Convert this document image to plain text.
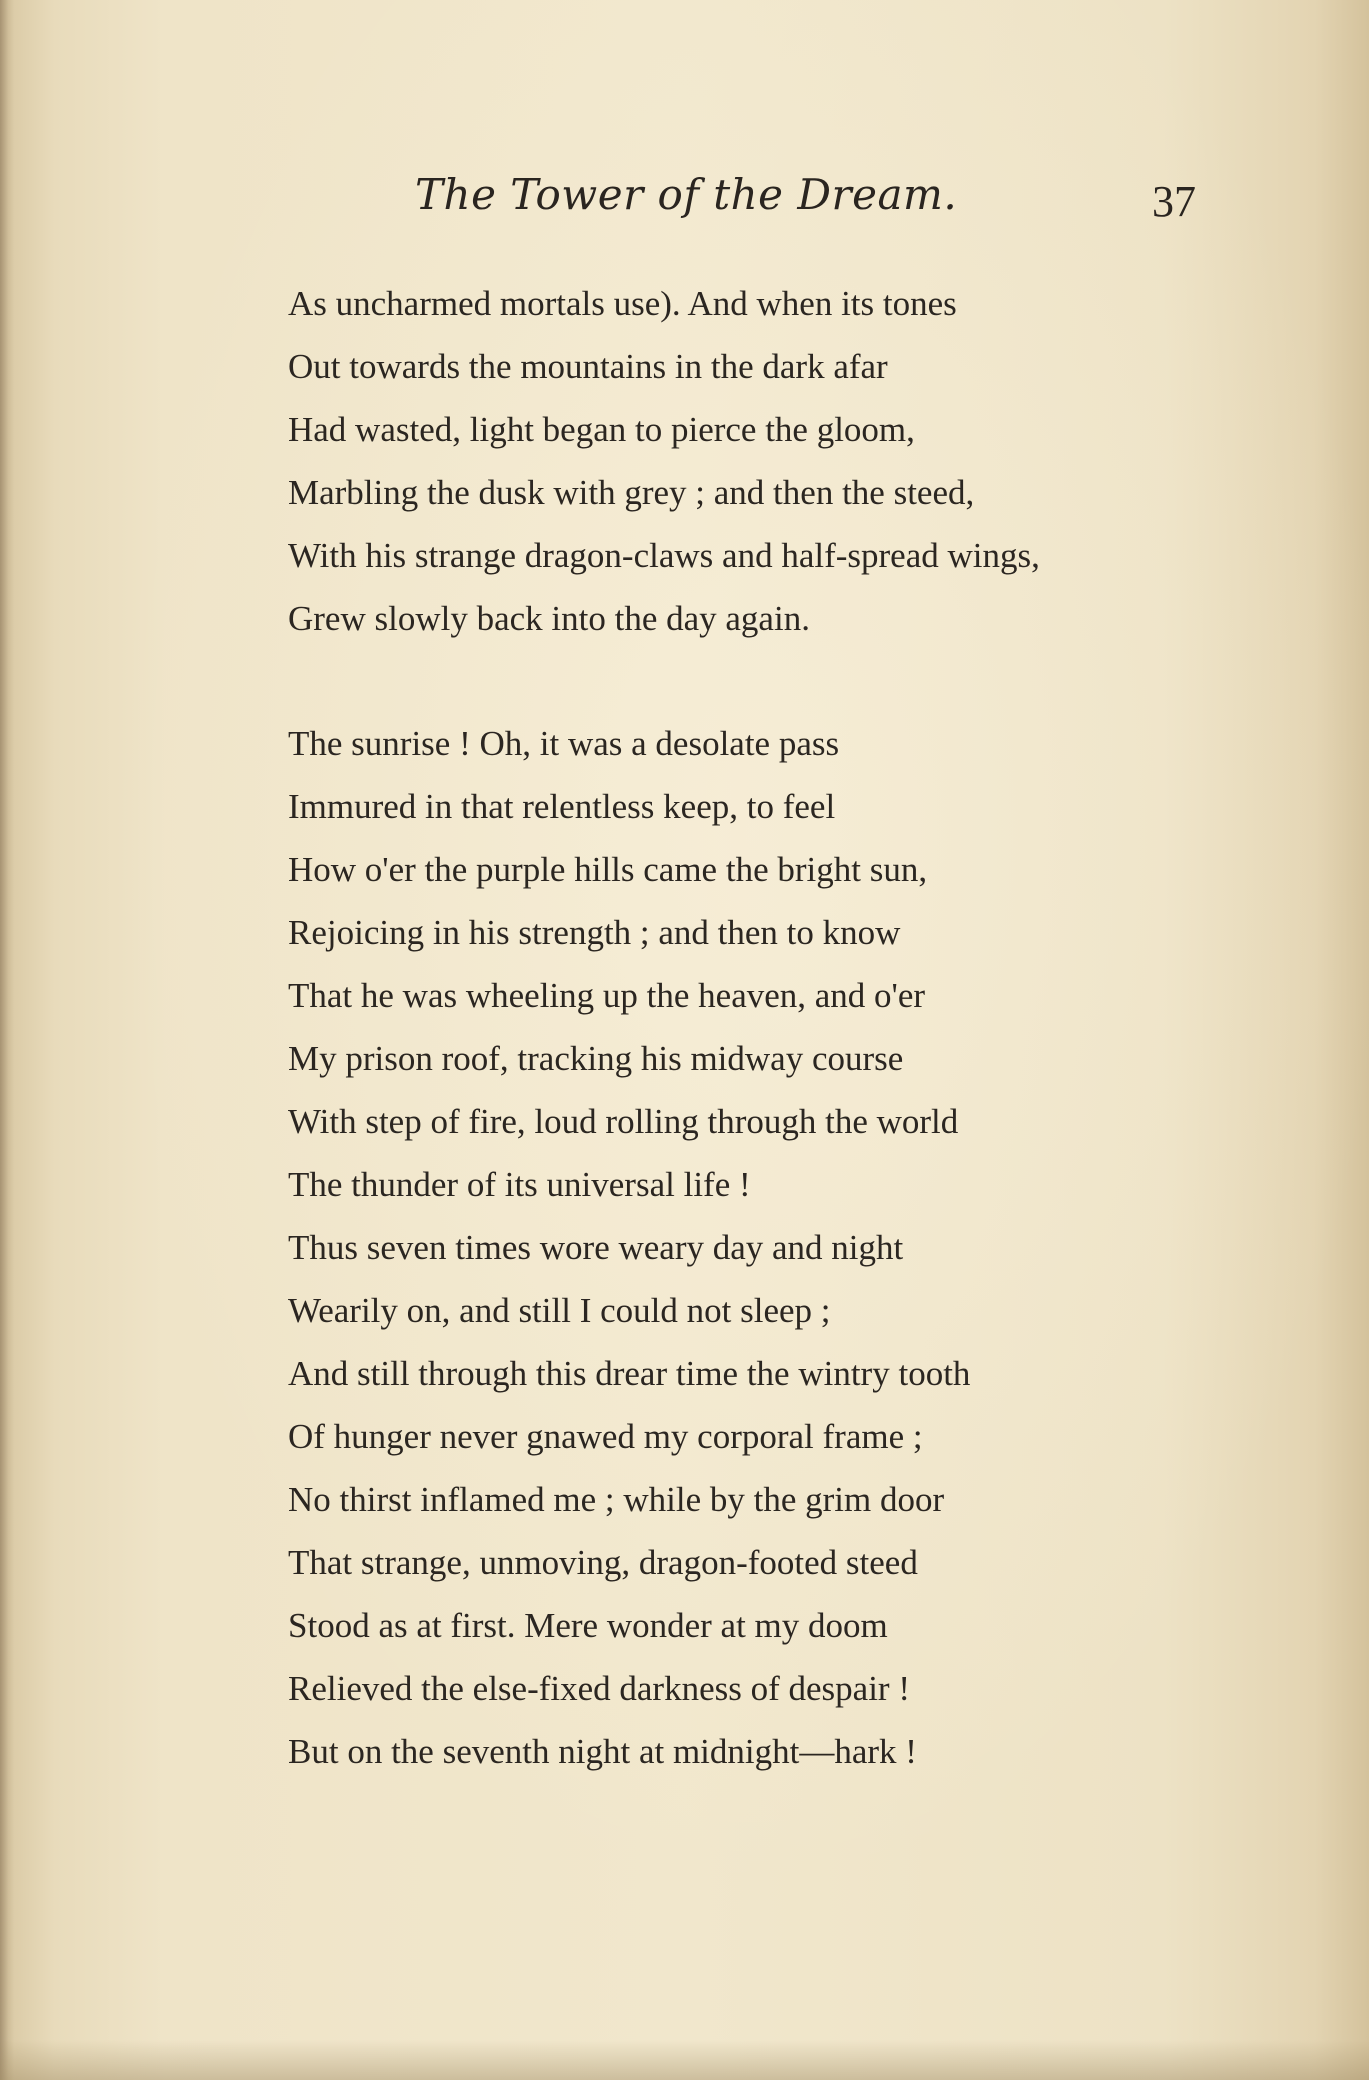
The Tower of the Dream.	37
As uncharmed mortals use). And when its tones
Out towards the mountains in the dark afar
Had wasted, light began to pierce the gloom,
Marbling the dusk with grey ; and then the steed,
With his strange dragon-claws and half-spread wings,
Grew slowly back into the day again.
The sunrise ! Oh, it was a desolate pass
Immured in that relentless keep, to feel
How o'er the purple hills came the bright sun,
Rejoicing in his strength ; and then to know
That he was wheeling up the heaven, and o'er
My prison roof, tracking his midway course
With step of fire, loud rolling through the world
The thunder of its universal life !
Thus seven times wore weary day and night
Wearily on, and still I could not sleep ;
And still through this drear time the wintry tooth
Of hunger never gnawed my corporal frame ;
No thirst inflamed me ; while by the grim door
That strange, unmoving, dragon-footed steed
Stood as at first. Mere wonder at my doom
Relieved the else-fixed darkness of despair !
But on the seventh night at midnight—hark !
